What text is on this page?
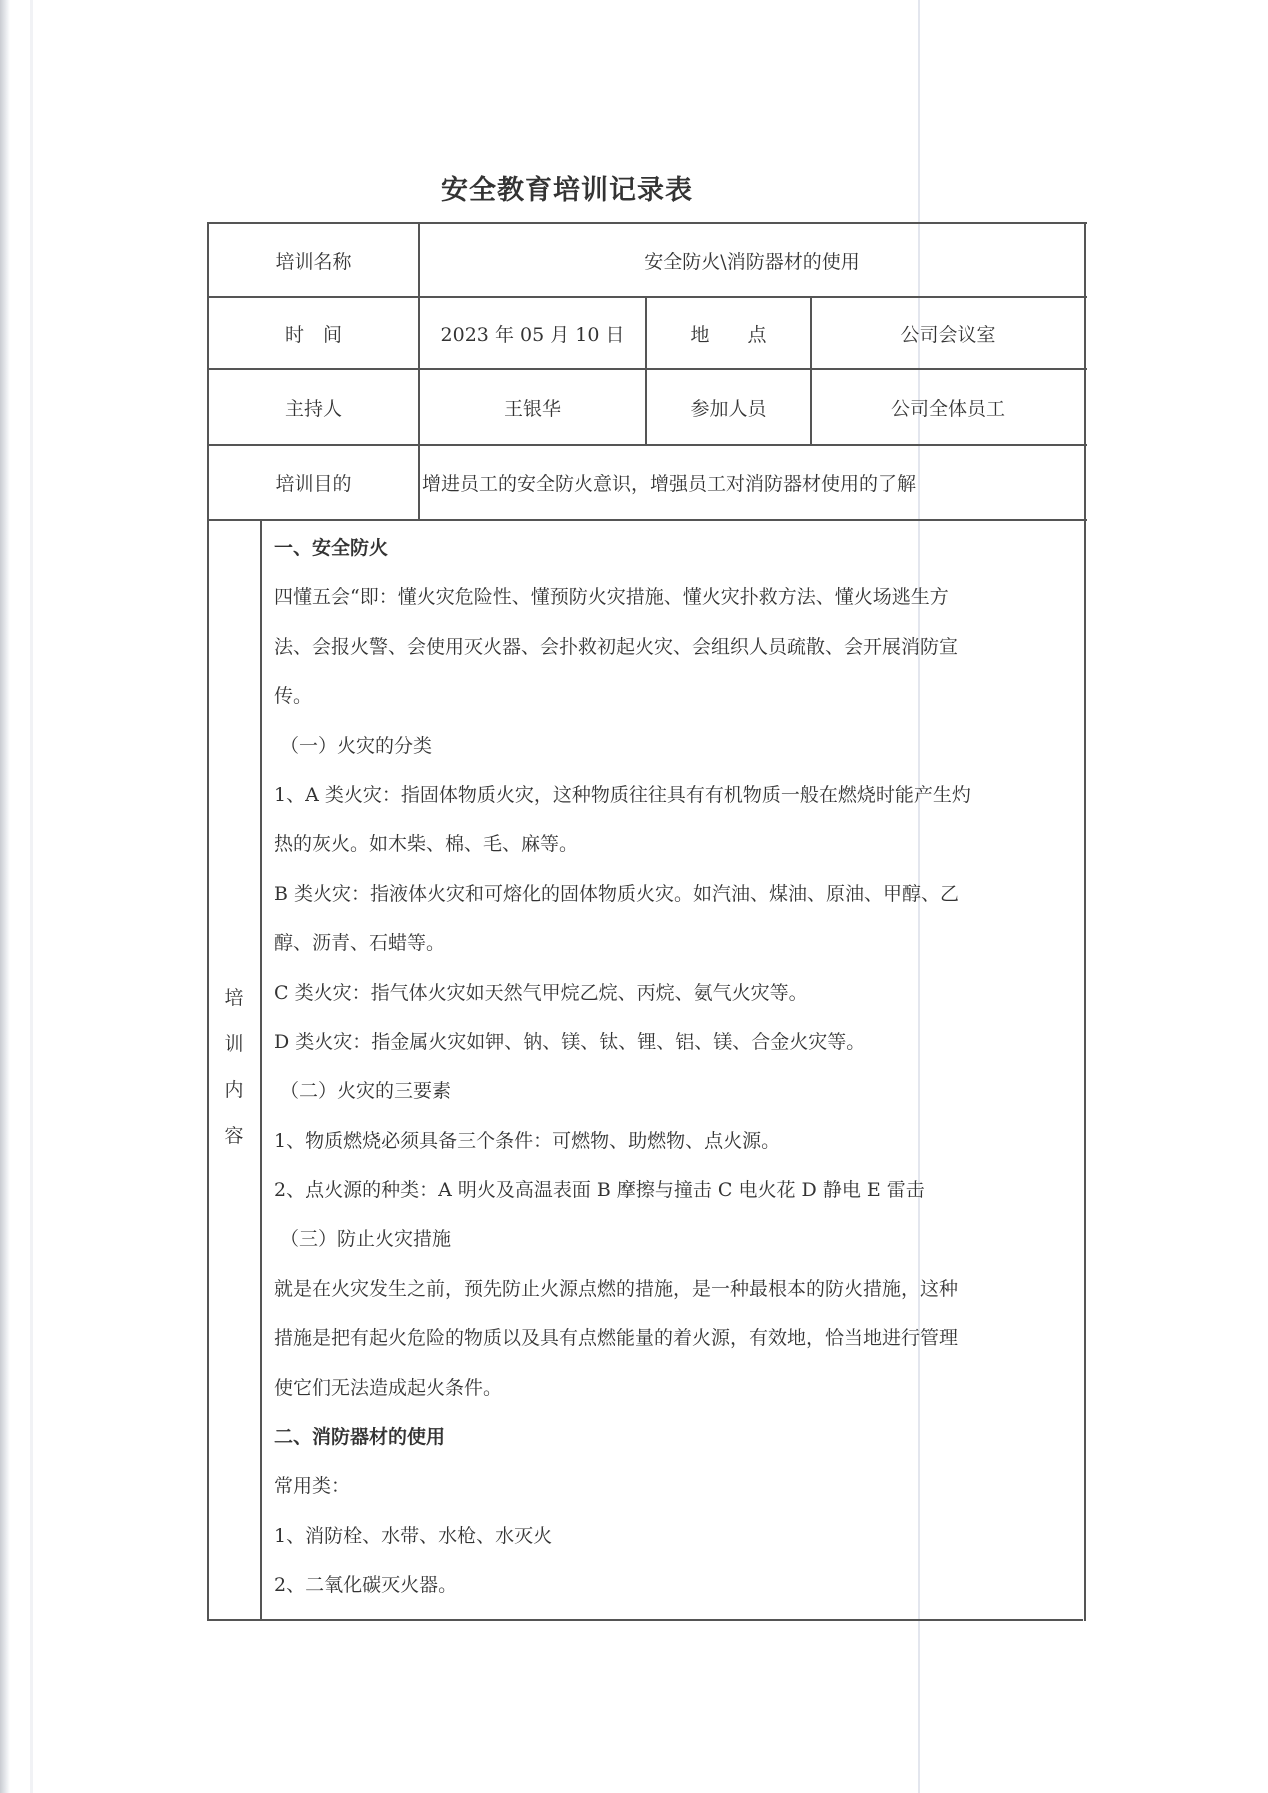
安全教育培训记录表
培训名称	安全防火\消防器材的使用
时　间	2023 年 05 月 10 日	地　　点	公司会议室
主持人	王银华	参加人员	公司全体员工
培训目的	增进员工的安全防火意识，增强员工对消防器材使用的了解
培
训
内
容
一、安全防火
四懂五会“即：懂火灾危险性、懂预防火灾措施、懂火灾扑救方法、懂火场逃生方
法、会报火警、会使用灭火器、会扑救初起火灾、会组织人员疏散、会开展消防宣
传。
（一）火灾的分类
1、A 类火灾：指固体物质火灾，这种物质往往具有有机物质一般在燃烧时能产生灼
热的灰火。如木柴、棉、毛、麻等。
B 类火灾：指液体火灾和可熔化的固体物质火灾。如汽油、煤油、原油、甲醇、乙
醇、沥青、石蜡等。
C 类火灾：指气体火灾如天然气甲烷乙烷、丙烷、氨气火灾等。
D 类火灾：指金属火灾如钾、钠、镁、钛、锂、铝、镁、合金火灾等。
（二）火灾的三要素
1、物质燃烧必须具备三个条件：可燃物、助燃物、点火源。
2、点火源的种类：A 明火及高温表面 B 摩擦与撞击 C 电火花 D 静电 E 雷击
（三）防止火灾措施
就是在火灾发生之前，预先防止火源点燃的措施，是一种最根本的防火措施，这种
措施是把有起火危险的物质以及具有点燃能量的着火源，有效地，恰当地进行管理
使它们无法造成起火条件。
二、消防器材的使用
常用类：
1、消防栓、水带、水枪、水灭火
2、二氧化碳灭火器。
